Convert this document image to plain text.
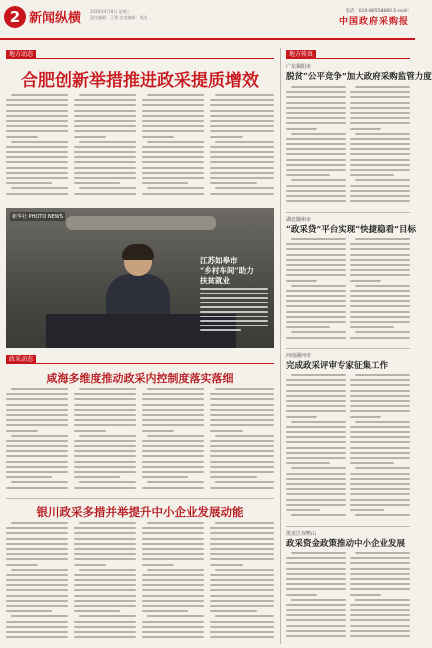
2 新闻纵横 2020年4月8日 星期三
责任编辑：王建 美术编辑：刘洁
电话：010-88558880 E-mail:
中国政府采购报
地方动态	地方传真
合肥创新举措推进政采提质增效
新华社 PHOTO NEWS
江苏如皋市
“乡村车间”助力
扶贫就业
广东揭阳市
脱贫“公平竞争”加大政府采购监管力度
湖北随州市
“政采贷”平台实现“快捷稳看”目标
河南漯河市
完成政采评审专家征集工作
黑龙江双鸭山
政采资金政策推动中小企业发展
政采动态
咸海多维度推动政采内控制度落实落细
银川政采多措并举提升中小企业发展动能
